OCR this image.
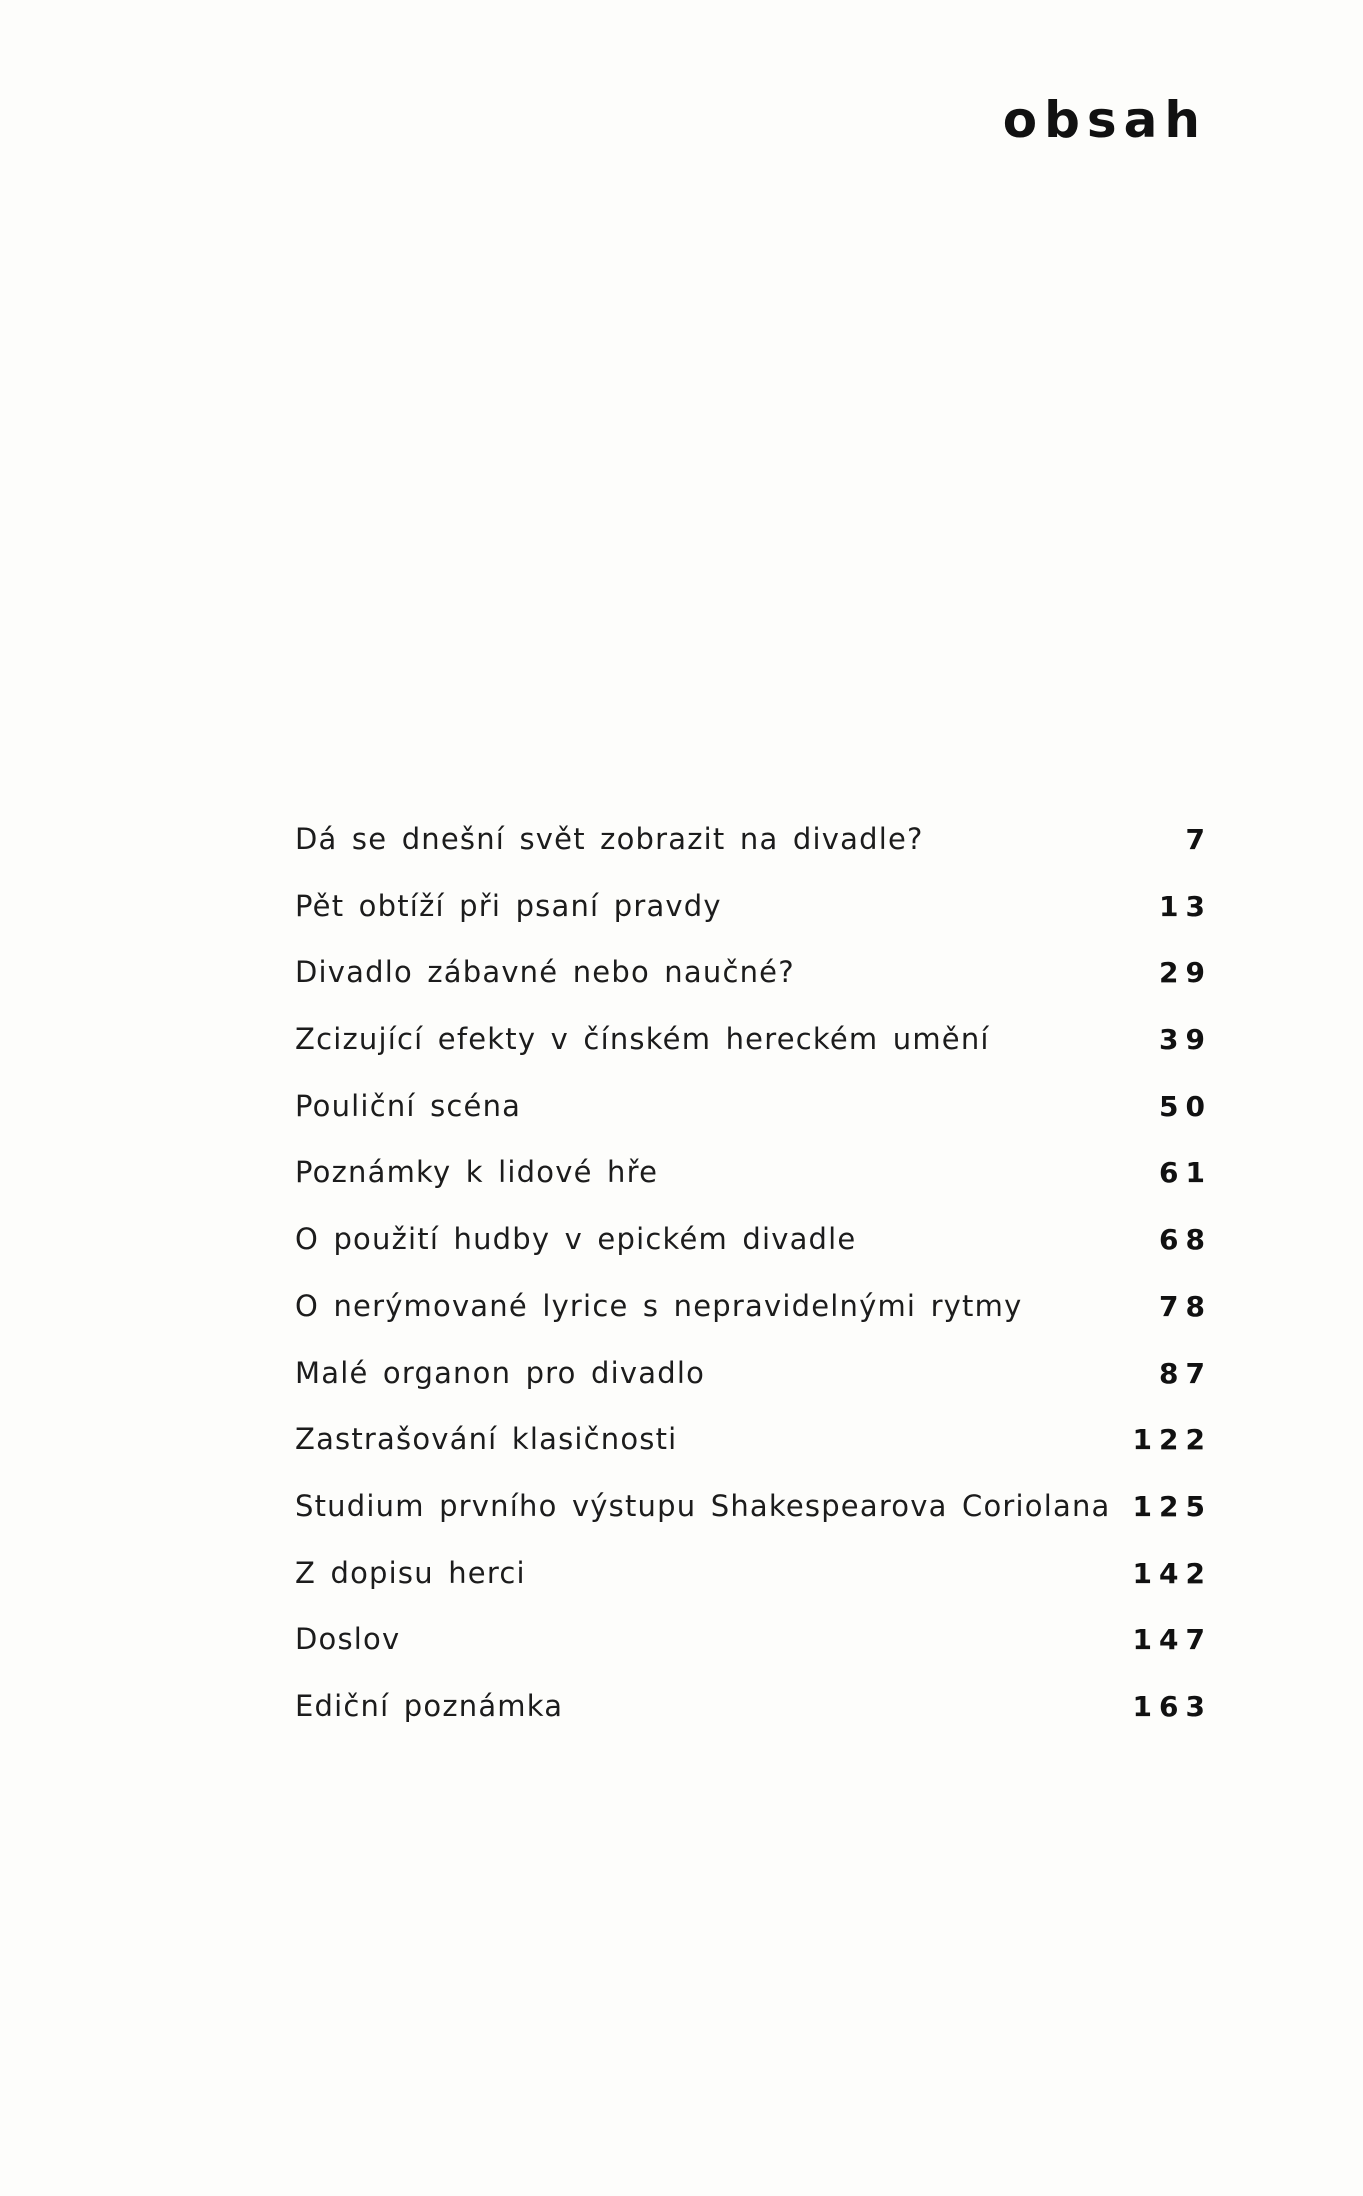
obsah
Dá se dnešní svět zobrazit na divadle?	7
Pět obtíží při psaní pravdy	13
Divadlo zábavné nebo naučné?	29
Zcizující efekty v čínském hereckém umění	39
Pouliční scéna	50
Poznámky k lidové hře	61
O použití hudby v epickém divadle	68
O nerýmované lyrice s nepravidelnými rytmy	78
Malé organon pro divadlo	87
Zastrašování klasičnosti	122
Studium prvního výstupu Shakespearova Coriolana 125
Z dopisu herci	142
Doslov	147
Ediční poznámka	163
